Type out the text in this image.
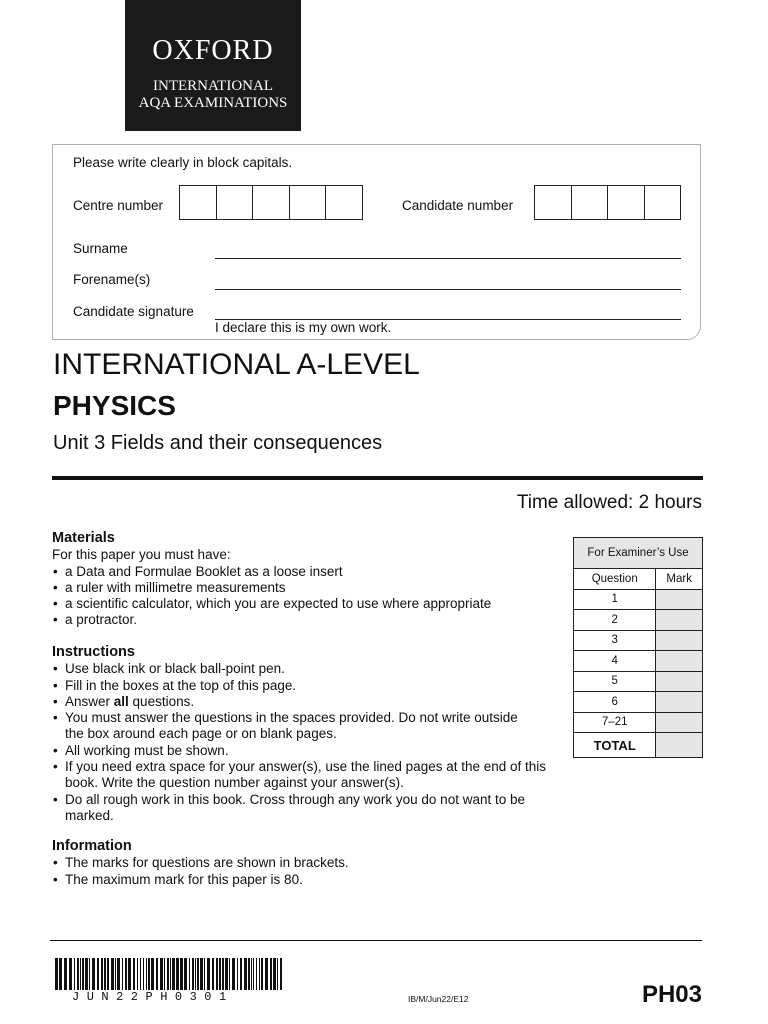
OXFORD
INTERNATIONAL
AQA EXAMINATIONS
Please write clearly in block capitals.
Centre number	Candidate number
Surname
Forename(s)
Candidate signature
I declare this is my own work.
INTERNATIONAL A-LEVEL
PHYSICS
Unit 3 Fields and their consequences
Time allowed: 2 hours
Materials
For this paper you must have:
• a Data and Formulae Booklet as a loose insert
• a ruler with millimetre measurements
• a scientific calculator, which you are expected to use where appropriate
• a protractor.
Instructions
• Use black ink or black ball-point pen.
• Fill in the boxes at the top of this page.
• Answer all questions.
• You must answer the questions in the spaces provided. Do not write outside the box around each page or on blank pages.
• All working must be shown.
• If you need extra space for your answer(s), use the lined pages at the end of this book. Write the question number against your answer(s).
• Do all rough work in this book. Cross through any work you do not want to be marked.
Information
• The marks for questions are shown in brackets.
• The maximum mark for this paper is 80.
For Examiner’s Use	
Question	Mark
1	
2	
3	
4	
5	
6	
7–21	
TOTAL	
JUN22PH0301	IB/M/Jun22/E12	PH03
